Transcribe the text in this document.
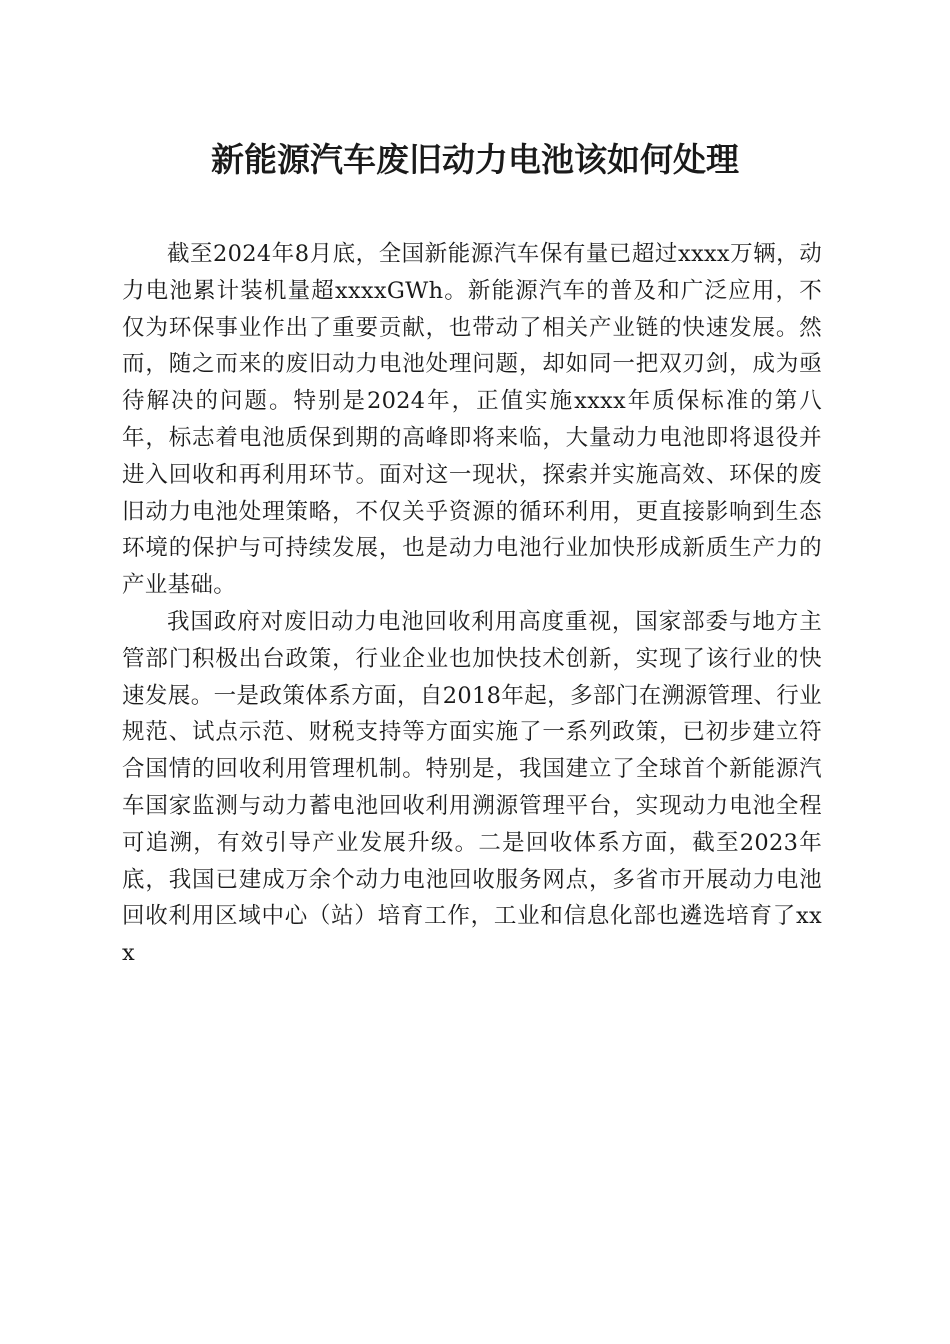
新能源汽车废旧动力电池该如何处理

截至2024年8月底，全国新能源汽车保有量已超过xxxx万辆，动力电池累计装机量超xxxxGWh。新能源汽车的普及和广泛应用，不仅为环保事业作出了重要贡献，也带动了相关产业链的快速发展。然而，随之而来的废旧动力电池处理问题，却如同一把双刃剑，成为亟待解决的问题。特别是2024年，正值实施xxxx年质保标准的第八年，标志着电池质保到期的高峰即将来临，大量动力电池即将退役并进入回收和再利用环节。面对这一现状，探索并实施高效、环保的废旧动力电池处理策略，不仅关乎资源的循环利用，更直接影响到生态环境的保护与可持续发展，也是动力电池行业加快形成新质生产力的产业基础。

我国政府对废旧动力电池回收利用高度重视，国家部委与地方主管部门积极出台政策，行业企业也加快技术创新，实现了该行业的快速发展。一是政策体系方面，自2018年起，多部门在溯源管理、行业规范、试点示范、财税支持等方面实施了一系列政策，已初步建立符合国情的回收利用管理机制。特别是，我国建立了全球首个新能源汽车国家监测与动力蓄电池回收利用溯源管理平台，实现动力电池全程可追溯，有效引导产业发展升级。二是回收体系方面，截至2023年底，我国已建成万余个动力电池回收服务网点，多省市开展动力电池回收利用区域中心（站）培育工作，工业和信息化部也遴选培育了xxx
